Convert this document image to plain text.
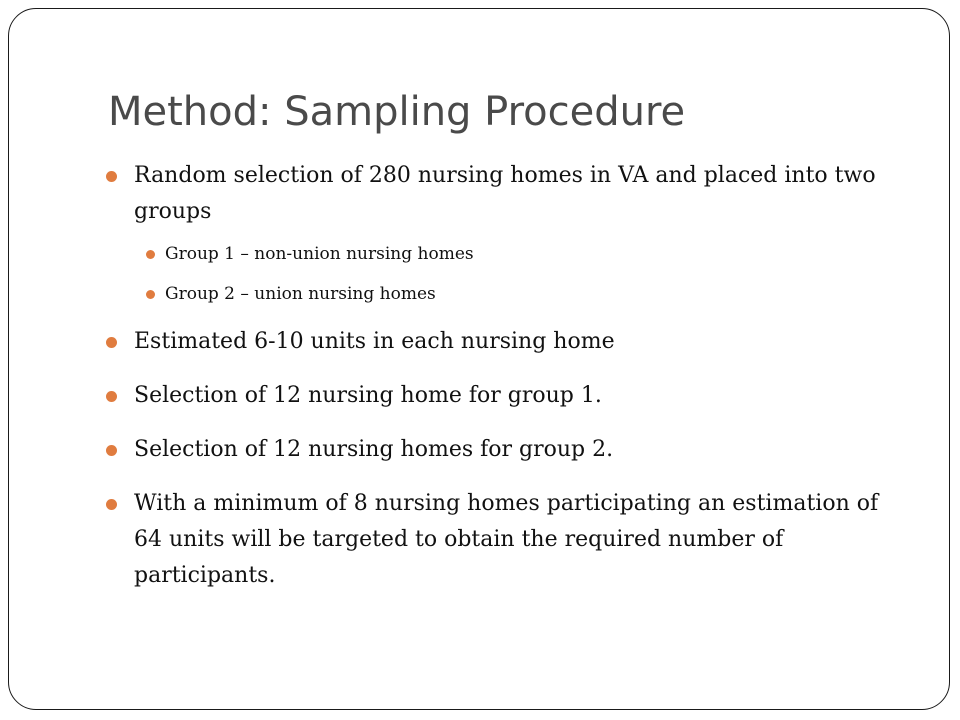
Method: Sampling Procedure
Random selection of 280 nursing homes in VA and placed into two groups
Group 1 – non-union nursing homes
Group 2 – union nursing homes
Estimated 6-10 units in each nursing home
Selection of 12 nursing home for group 1.
Selection of 12 nursing homes for group 2.
With a minimum of 8 nursing homes participating an estimation of 64 units will be targeted to obtain the required number of participants.
